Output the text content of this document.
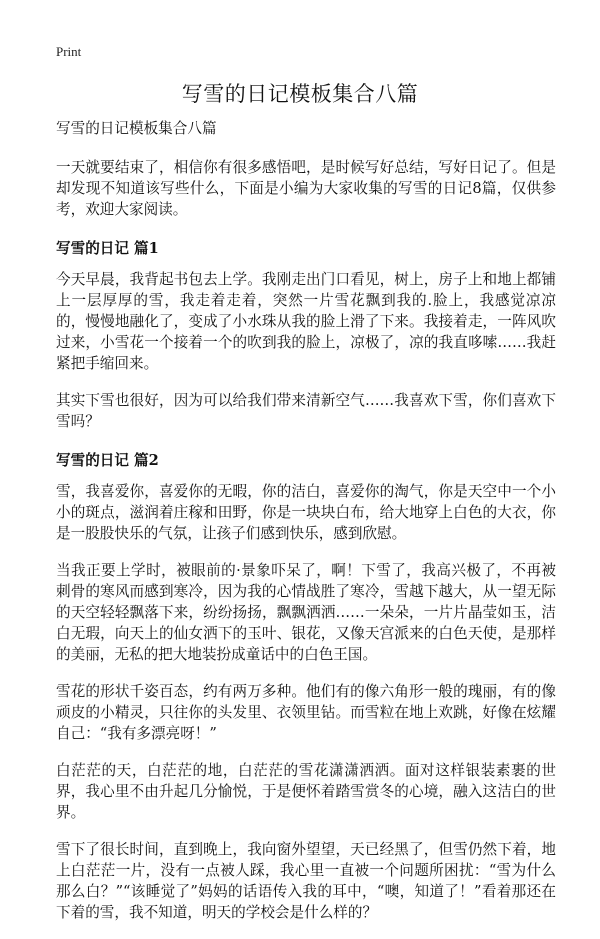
Print
写雪的日记模板集合八篇

写雪的日记模板集合八篇

一天就要结束了，相信你有很多感悟吧，是时候写好总结，写好日记了。但是却发现不知道该写些什么，下面是小编为大家收集的写雪的日记8篇，仅供参考，欢迎大家阅读。

写雪的日记 篇1

今天早晨，我背起书包去上学。我刚走出门口看见，树上，房子上和地上都铺上一层厚厚的雪，我走着走着，突然一片雪花飘到我的.脸上，我感觉凉凉的，慢慢地融化了，变成了小水珠从我的脸上滑了下来。我接着走，一阵风吹过来，小雪花一个接着一个的吹到我的脸上，凉极了，凉的我直哆嗦……我赶紧把手缩回来。

其实下雪也很好，因为可以给我们带来清新空气……我喜欢下雪，你们喜欢下雪吗？

写雪的日记 篇2

雪，我喜爱你，喜爱你的无暇，你的洁白，喜爱你的淘气，你是天空中一个小小的斑点，滋润着庄稼和田野，你是一块块白布，给大地穿上白色的大衣，你是一股股快乐的气氛，让孩子们感到快乐，感到欣慰。

当我正要上学时，被眼前的·景象吓呆了，啊！下雪了，我高兴极了，不再被刺骨的寒风而感到寒冷，因为我的心情战胜了寒冷，雪越下越大，从一望无际的天空轻轻飘落下来，纷纷扬扬，飘飘洒洒……一朵朵，一片片晶莹如玉，洁白无瑕，向天上的仙女洒下的玉叶、银花，又像天宫派来的白色天使，是那样的美丽，无私的把大地装扮成童话中的白色王国。

雪花的形状千姿百态，约有两万多种。他们有的像六角形一般的瑰丽，有的像顽皮的小精灵，只往你的头发里、衣领里钻。而雪粒在地上欢跳，好像在炫耀自己：“我有多漂亮呀！”

白茫茫的天，白茫茫的地，白茫茫的雪花潇潇洒洒。面对这样银装素裹的世界，我心里不由升起几分愉悦，于是便怀着踏雪赏冬的心境，融入这洁白的世界。

雪下了很长时间，直到晚上，我向窗外望望，天已经黑了，但雪仍然下着，地上白茫茫一片，没有一点被人踩，我心里一直被一个问题所困扰：“雪为什么那么白？”“该睡觉了”妈妈的话语传入我的耳中，“噢，知道了！”看着那还在下着的雪，我不知道，明天的学校会是什么样的？
